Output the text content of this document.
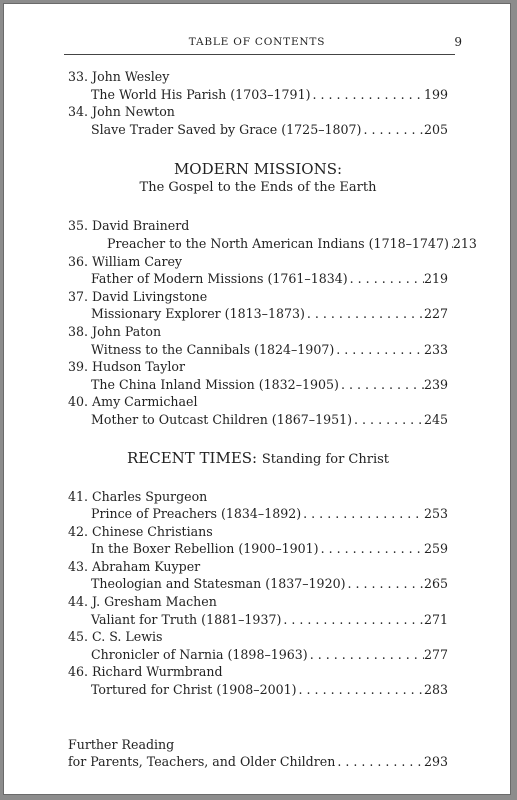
TABLE OF CONTENTS	9
33. John Wesley
The World His Parish (1703–1791) . . .	199
34. John Newton
Slave Trader Saved by Grace (1725–1807) . . .	205
MODERN MISSIONS:
The Gospel to the Ends of the Earth
35. David Brainerd
Preacher to the North American Indians (1718–1747) . . . 213
36. William Carey
Father of Modern Missions (1761–1834) . . .	219
37. David Livingstone
Missionary Explorer (1813–1873) . . .	227
38. John Paton
Witness to the Cannibals (1824–1907) . . .	233
39. Hudson Taylor
The China Inland Mission (1832–1905) . . .	239
40. Amy Carmichael
Mother to Outcast Children (1867–1951) . . .	245
RECENT TIMES: Standing for Christ
41. Charles Spurgeon
Prince of Preachers (1834–1892) . . .	253
42. Chinese Christians
In the Boxer Rebellion (1900–1901) . . .	259
43. Abraham Kuyper
Theologian and Statesman (1837–1920) . . .	265
44. J. Gresham Machen
Valiant for Truth (1881–1937) . . .	271
45. C. S. Lewis
Chronicler of Narnia (1898–1963) . . .	277
46. Richard Wurmbrand
Tortured for Christ (1908–2001) . . .	283
Further Reading
for Parents, Teachers, and Older Children . . .	293
